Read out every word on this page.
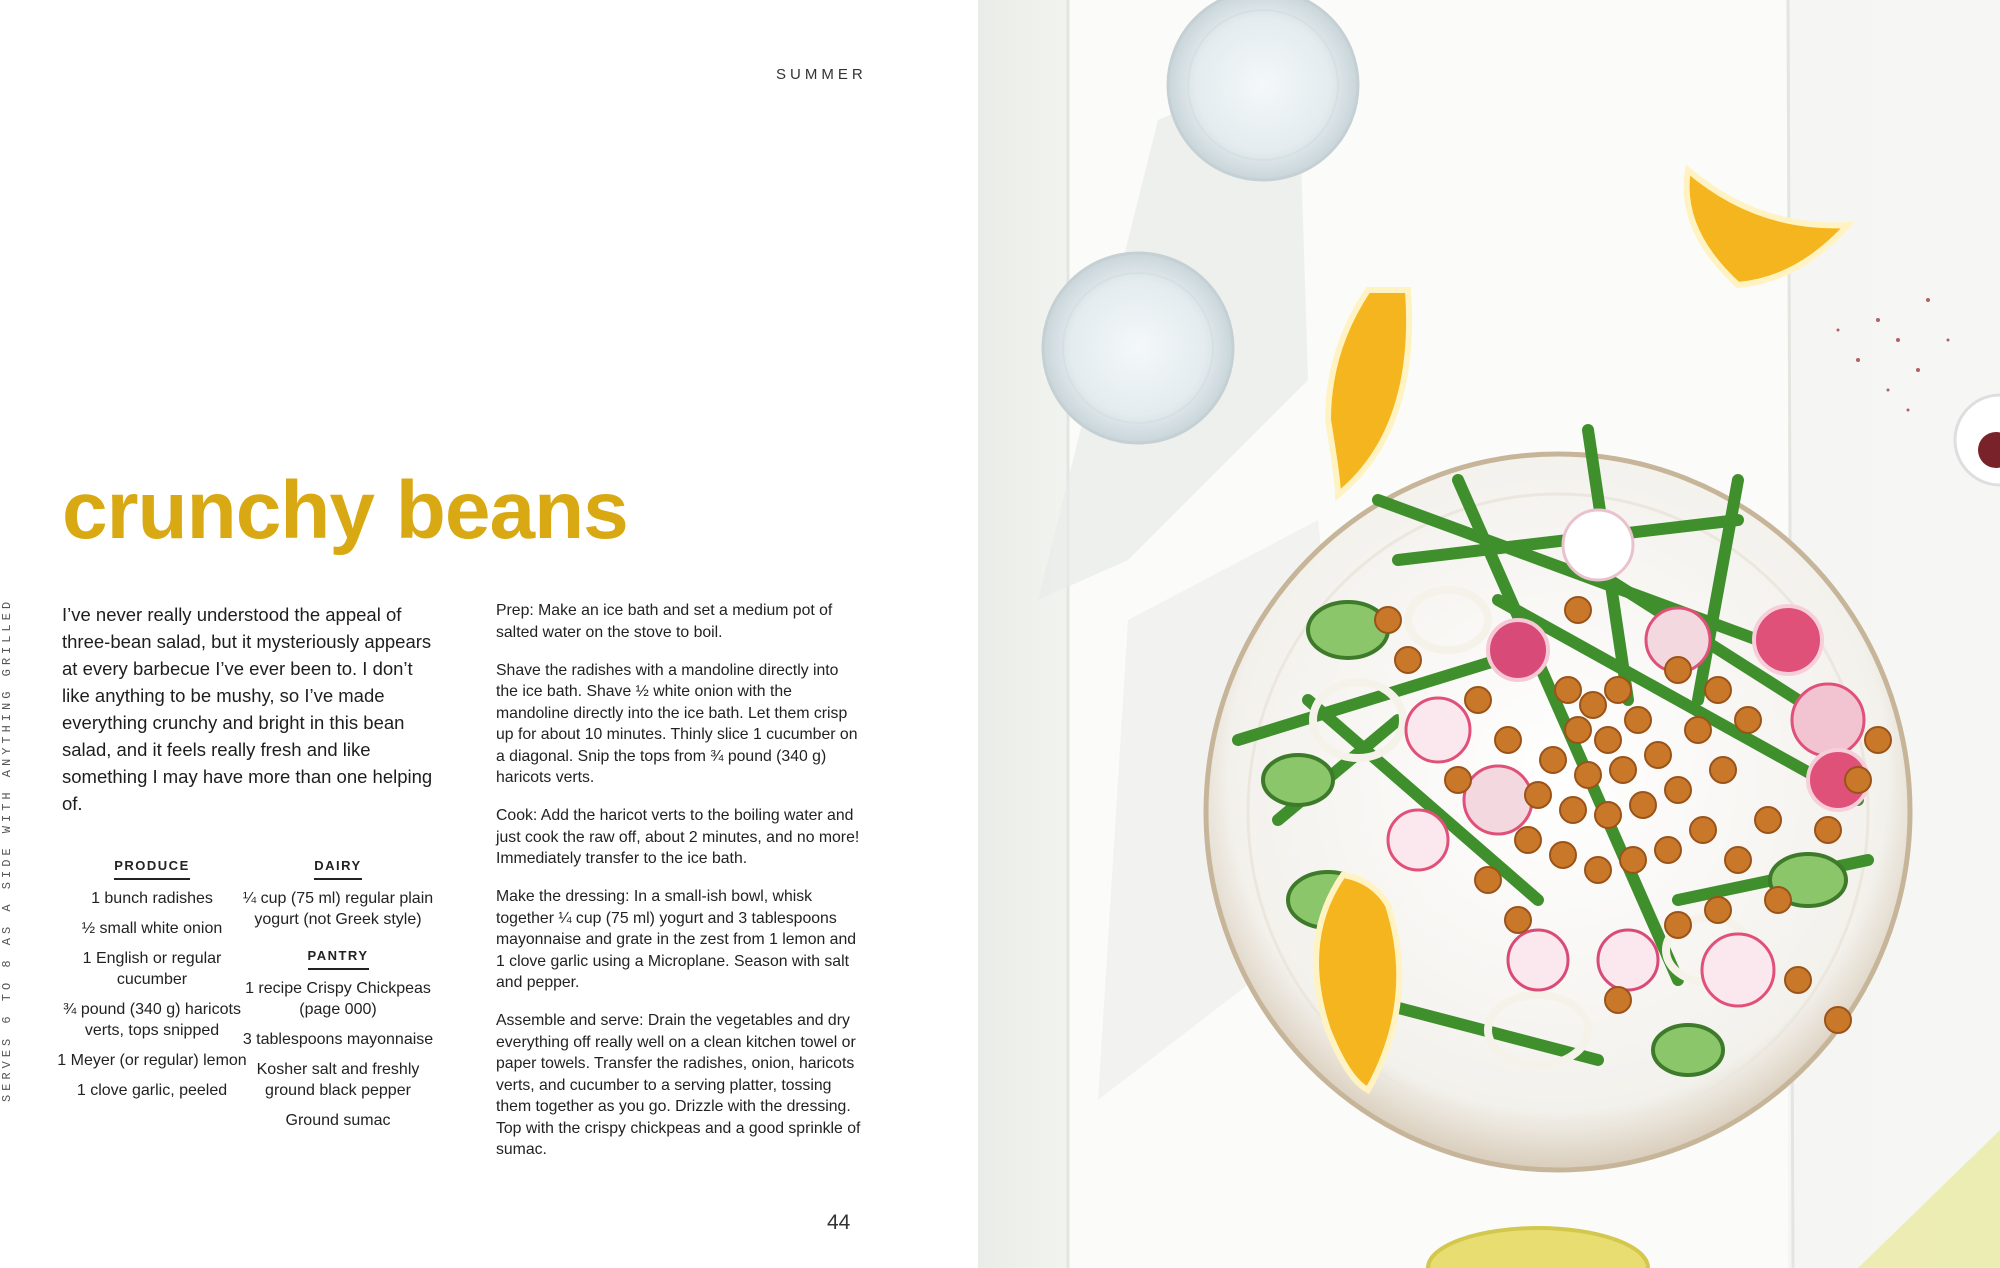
SUMMER
SERVES 6 TO 8 AS A SIDE WITH ANYTHING GRILLED
crunchy beans
I’ve never really understood the appeal of three-bean salad, but it mysteriously appears at every barbecue I’ve ever been to. I don’t like anything to be mushy, so I’ve made everything crunchy and bright in this bean salad, and it feels really fresh and like something I may have more than one helping of.
PRODUCE
1 bunch radishes
½ small white onion
1 English or regular cucumber
¾ pound (340 g) haricots verts, tops snipped
1 Meyer (or regular) lemon
1 clove garlic, peeled
DAIRY
¼ cup (75 ml) regular plain yogurt (not Greek style)
PANTRY
1 recipe Crispy Chickpeas (page 000)
3 tablespoons mayonnaise
Kosher salt and freshly ground black pepper
Ground sumac

Prep: Make an ice bath and set a medium pot of salted water on the stove to boil.

Shave the radishes with a mandoline directly into the ice bath. Shave ½ white onion with the mandoline directly into the ice bath. Let them crisp up for about 10 minutes. Thinly slice 1 cucumber on a diagonal. Snip the tops from ¾ pound (340 g) haricots verts.

Cook: Add the haricot verts to the boiling water and just cook the raw off, about 2 minutes, and no more! Immediately transfer to the ice bath.

Make the dressing: In a small-ish bowl, whisk together ¼ cup (75 ml) yogurt and 3 tablespoons mayonnaise and grate in the zest from 1 lemon and 1 clove garlic using a Microplane. Season with salt and pepper.

Assemble and serve: Drain the vegetables and dry everything off really well on a clean kitchen towel or paper towels. Transfer the radishes, onion, haricots verts, and cucumber to a serving platter, tossing them together as you go. Drizzle with the dressing. Top with the crispy chickpeas and a good sprinkle of sumac.

44
